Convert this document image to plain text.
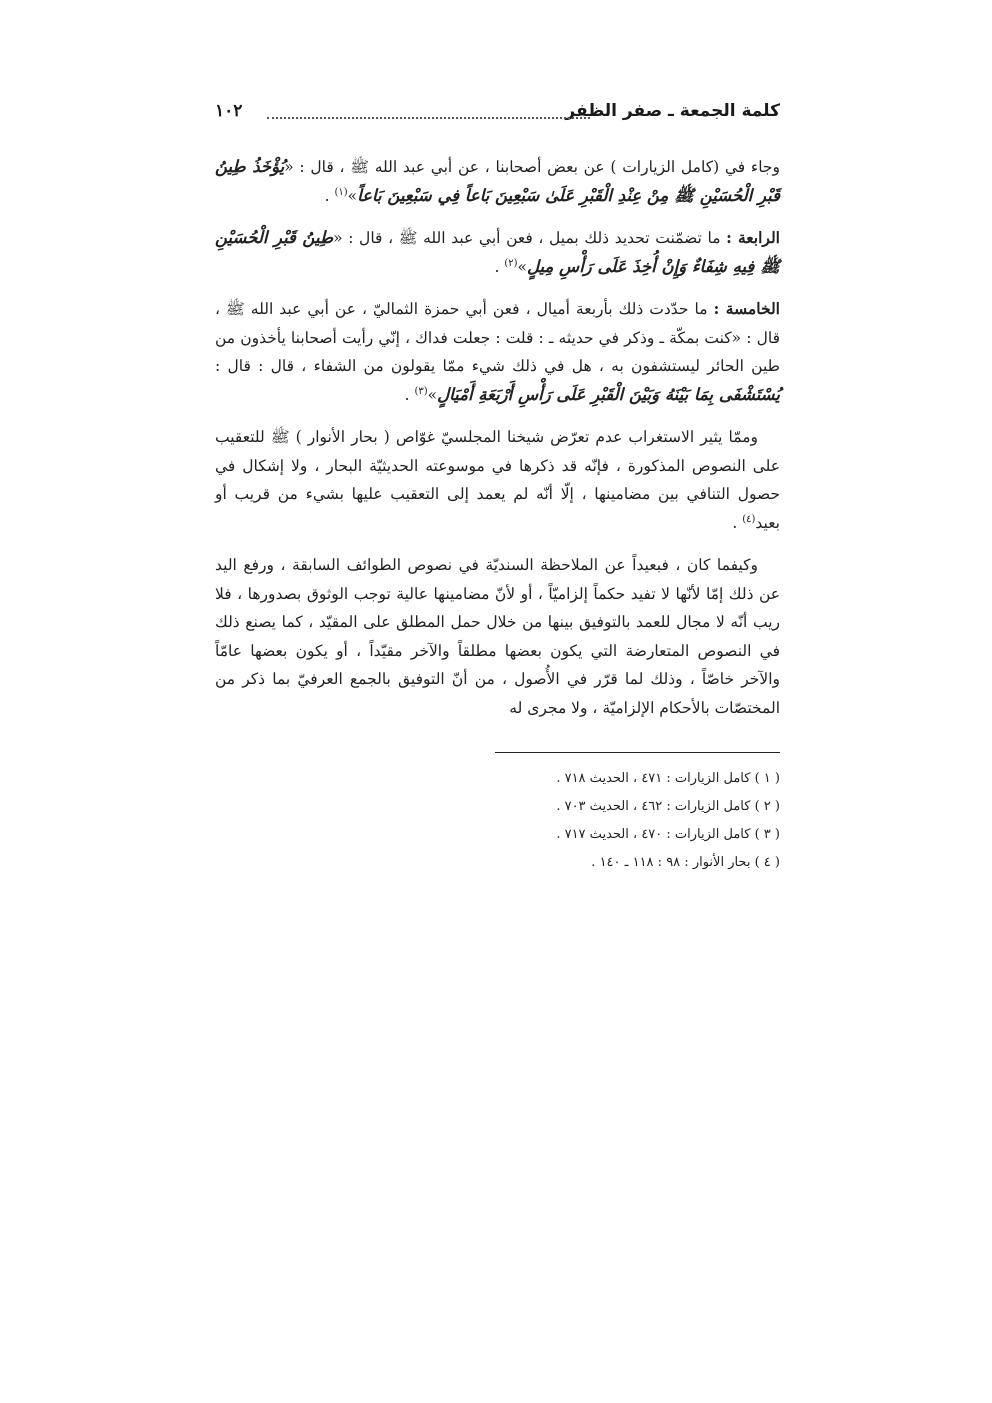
كلمة الجمعة ـ صفر الظفر
١٠٢

وجاء في (كامل الزيارات ) عن بعض أصحابنا ، عن أبي عبد الله ﷺ ، قال : «يُؤْخَذُ طِينُ قَبْرِ الْحُسَيْنِ ﷺ مِنْ عِنْدِ الْقَبْرِ عَلَىٰ سَبْعِينَ بَاعاً فِي سَبْعِينَ بَاعاً»$^{(١)}$ .

الرابعة : ما تضمّنت تحديد ذلك بميل ، فعن أبي عبد الله ﷺ ، قال : «طِينُ قَبْرِ الْحُسَيْنِ ﷺ فِيهِ شِفَاءٌ وَإِنْ أُخِذَ عَلَى رَأْسِ مِيلٍ»$^{(٢)}$ .

الخامسة : ما حدّدت ذلك بأربعة أميال ، فعن أبي حمزة الثماليّ ، عن أبي عبد الله ﷺ ، قال : «كنت بمكّة ـ وذكر في حديثه ـ : قلت : جعلت فداك ، إنّي رأيت أصحابنا يأخذون من طين الحائر ليستشفون به ، هل في ذلك شيء ممّا يقولون من الشفاء ، قال : قال : يُسْتَشْفَى بِمَا بَيْنَهُ وَبَيْنَ الْقَبْرِ عَلَى رَأْسِ أَرْبَعَةِ أَمْيَالٍ»$^{(٣)}$ .

وممّا يثير الاستغراب عدم تعرّض شيخنا المجلسيّ غوّاص ( بحار الأنوار ) ﷺ للتعقيب على النصوص المذكورة ، فإنّه قد ذكرها في موسوعته الحديثيّة البحار ، ولا إشكال في حصول التنافي بين مضامينها ، إلّا أنّه لم يعمد إلى التعقيب عليها بشيء من قريب أو بعيد$^{(٤)}$ .

وكيفما كان ، فبعيداً عن الملاحظة السنديّة في نصوص الطوائف السابقة ، ورفع اليد عن ذلك إمّا لأنّها لا تفيد حكماً إلزاميّاً ، أو لأنّ مضامينها عالية توجب الوثوق بصدورها ، فلا ريب أنّه لا مجال للعمد بالتوفيق بينها من خلال حمل المطلق على المقيّد ، كما يصنع ذلك في النصوص المتعارضة التي يكون بعضها مطلقاً والآخر مقيّداً ، أو يكون بعضها عامّاً والآخر خاصّاً ، وذلك لما قرّر في الأُصول ، من أنّ التوفيق بالجمع العرفيّ بما ذكر من المختصّات بالأحكام الإلزاميّة ، ولا مجرى له

( ١ ) كامل الزيارات : ٤٧١ ، الحديث ٧١٨ .
( ٢ ) كامل الزيارات : ٤٦٢ ، الحديث ٧٠٣ .
( ٣ ) كامل الزيارات : ٤٧٠ ، الحديث ٧١٧ .
( ٤ ) بحار الأنوار : ٩٨ : ١١٨ ـ ١٤٠ .
